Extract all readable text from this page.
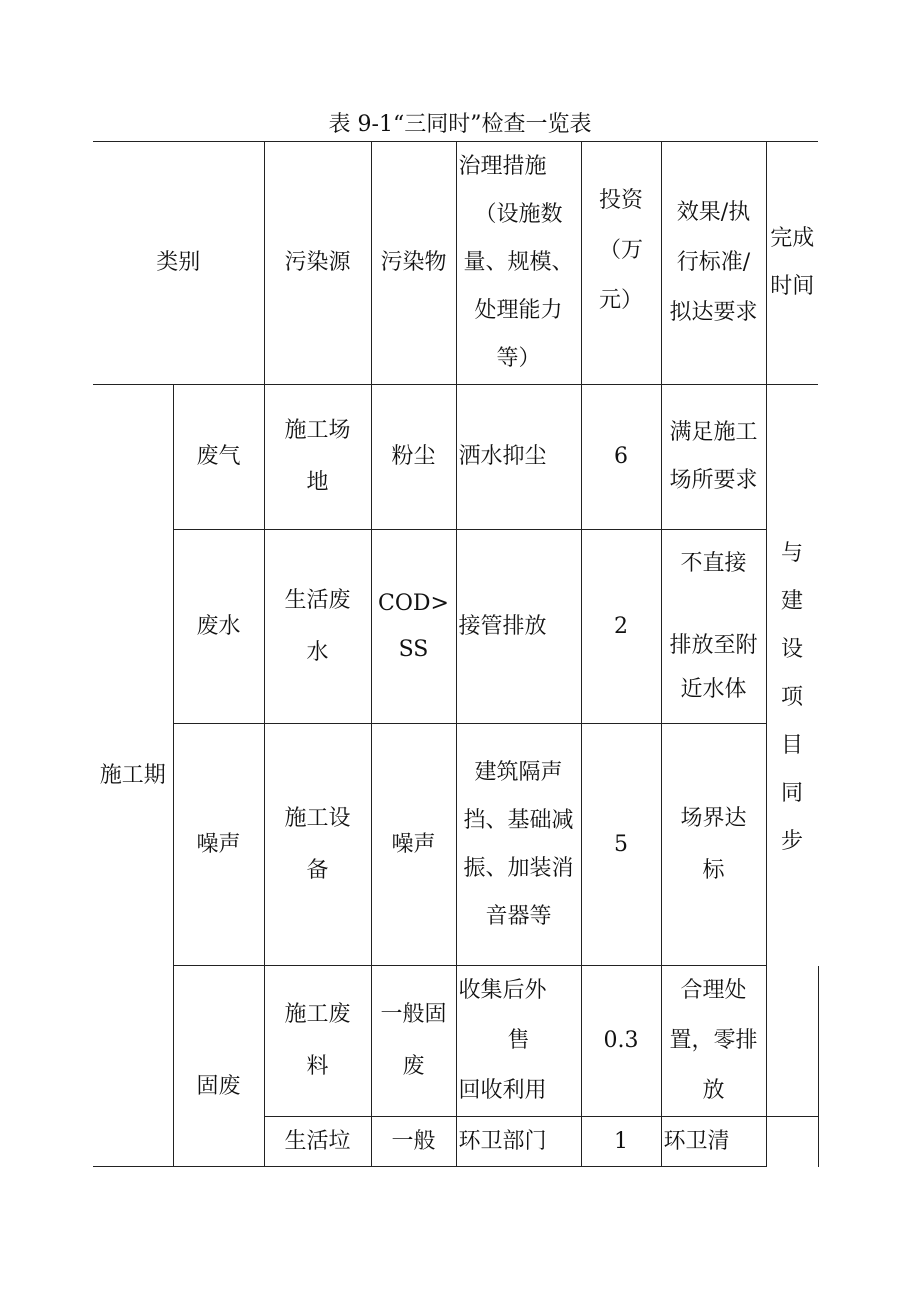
表 9-1“三同时”检查一览表
类别		污染源	污染物	治理措施
（设施数
量、规模、
处理能力
等）	投资
（万
元）	效果/执
行标准/
拟达要求	完成
时间	

施工期	废气	施工场
地	粉尘	洒水抑尘	6	满足施工
场所要求		

	废水	生活废
水	COD>
SS	接管排放	2	不直接
排放至附
近水体	与 建 设 项 目 同 步	
	噪声	施工设
备	噪声	建筑隔声
挡、基础减
振、加装消
音器等	5	场界达
标		

	固废	施工废
料	一般固
废	收集后外
售
回收利用	0.3	合理处
置，零排
放		

		生活垃	一般	环卫部门	1	环卫清		
